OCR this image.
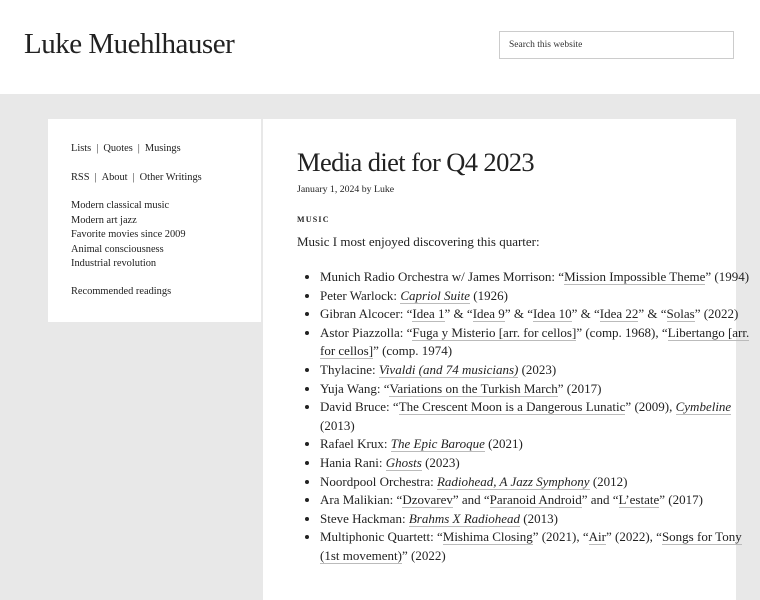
Luke Muehlhauser
Search this website
Lists | Quotes | Musings
RSS | About | Other Writings
Modern classical music
Modern art jazz
Favorite movies since 2009
Animal consciousness
Industrial revolution
Recommended readings
Media diet for Q4 2023
January 1, 2024 by Luke
music

Music I most enjoyed discovering this quarter:

• Munich Radio Orchestra w/ James Morrison: “Mission Impossible Theme” (1994)
• Peter Warlock: Capriol Suite (1926)
• Gibran Alcocer: “Idea 1” & “Idea 9” & “Idea 10” & “Idea 22” & “Solas” (2022)
• Astor Piazzolla: “Fuga y Misterio [arr. for cellos]” (comp. 1968), “Libertango [arr. for cellos]” (comp. 1974)
• Thylacine: Vivaldi (and 74 musicians) (2023)
• Yuja Wang: “Variations on the Turkish March” (2017)
• David Bruce: “The Crescent Moon is a Dangerous Lunatic” (2009), Cymbeline (2013)
• Rafael Krux: The Epic Baroque (2021)
• Hania Rani: Ghosts (2023)
• Noordpool Orchestra: Radiohead, A Jazz Symphony (2012)
• Ara Malikian: “Dzovarev” and “Paranoid Android” and “L’estate” (2017)
• Steve Hackman: Brahms X Radiohead (2013)
• Multiphonic Quartett: “Mishima Closing” (2021), “Air” (2022), “Songs for Tony (1st movement)” (2022)
